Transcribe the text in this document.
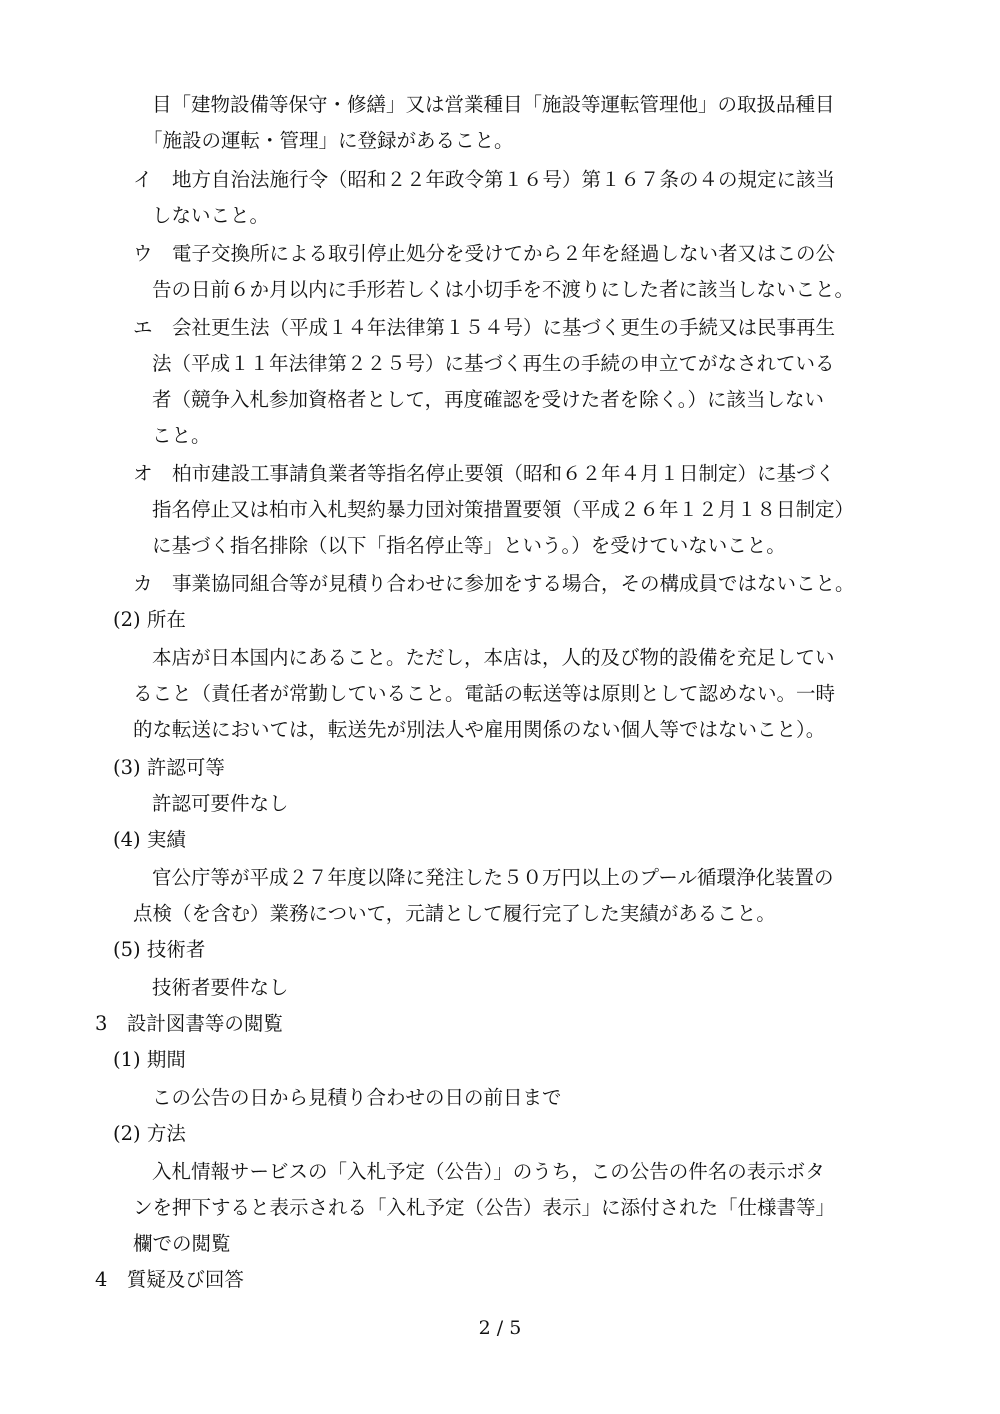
目「建物設備等保守・修繕」又は営業種目「施設等運転管理他」の取扱品種目
「施設の運転・管理」に登録があること。
イ　地方自治法施行令（昭和２２年政令第１６号）第１６７条の４の規定に該当
しないこと。
ウ　電子交換所による取引停止処分を受けてから２年を経過しない者又はこの公
告の日前６か月以内に手形若しくは小切手を不渡りにした者に該当しないこと。
エ　会社更生法（平成１４年法律第１５４号）に基づく更生の手続又は民事再生
法（平成１１年法律第２２５号）に基づく再生の手続の申立てがなされている
者（競争入札参加資格者として，再度確認を受けた者を除く。）に該当しない
こと。
オ　柏市建設工事請負業者等指名停止要領（昭和６２年４月１日制定）に基づく
指名停止又は柏市入札契約暴力団対策措置要領（平成２６年１２月１８日制定）
に基づく指名排除（以下「指名停止等」という。）を受けていないこと。
カ　事業協同組合等が見積り合わせに参加をする場合，その構成員ではないこと。
(2) 所在
本店が日本国内にあること。ただし，本店は，人的及び物的設備を充足してい
ること（責任者が常勤していること。電話の転送等は原則として認めない。一時
的な転送においては，転送先が別法人や雇用関係のない個人等ではないこと）。
(3) 許認可等
許認可要件なし
(4) 実績
官公庁等が平成２７年度以降に発注した５０万円以上のプール循環浄化装置の
点検（を含む）業務について，元請として履行完了した実績があること。
(5) 技術者
技術者要件なし
3　設計図書等の閲覧
(1) 期間
この公告の日から見積り合わせの日の前日まで
(2) 方法
入札情報サービスの「入札予定（公告）」のうち，この公告の件名の表示ボタ
ンを押下すると表示される「入札予定（公告）表示」に添付された「仕様書等」
欄での閲覧
4　質疑及び回答
2 / 5
